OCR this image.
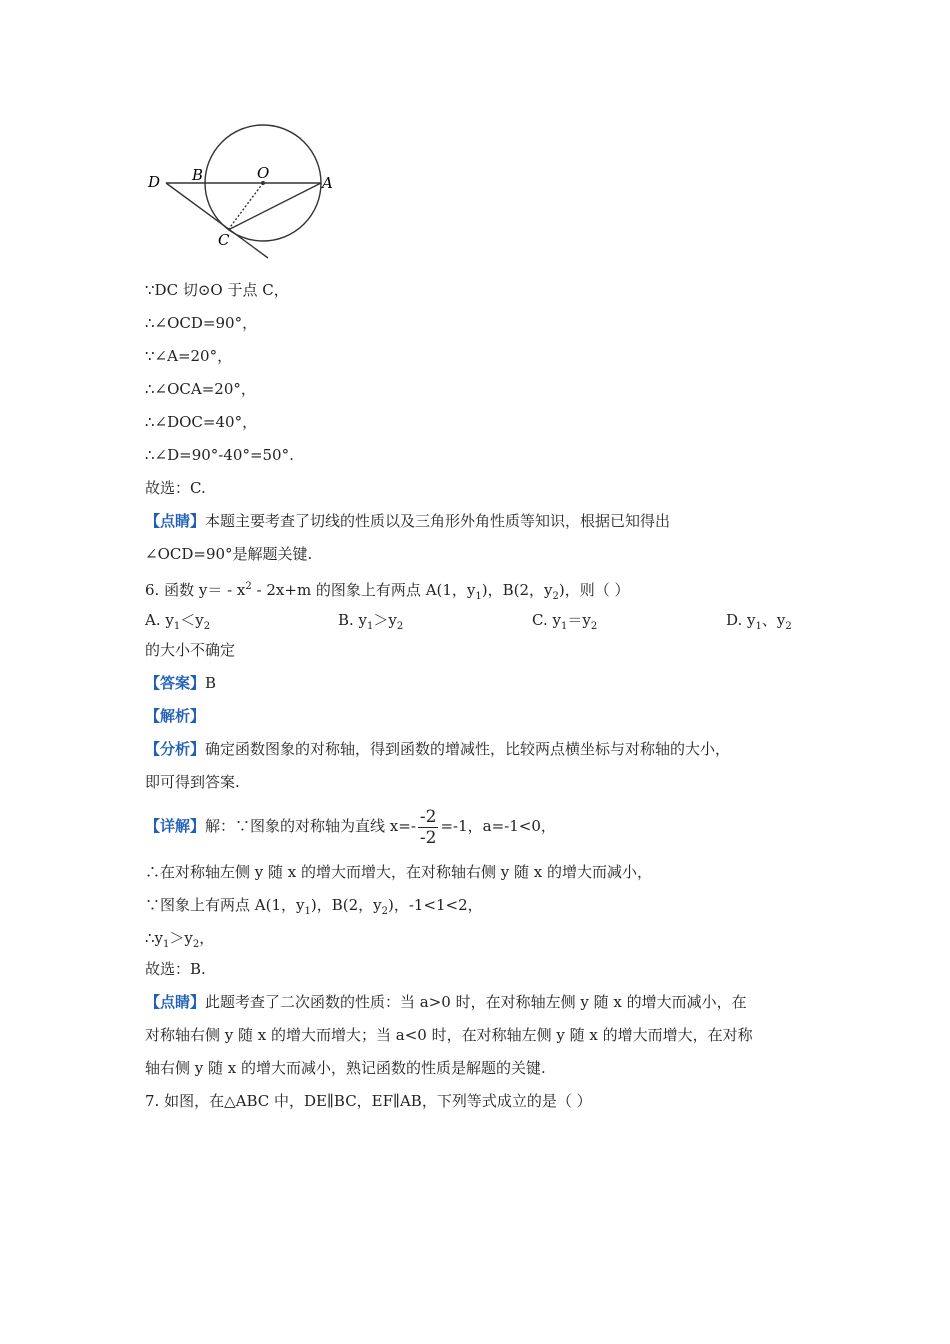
D B	O
A
C
∵DC 切⊙O 于点 C，
∴∠OCD=90°，
∵∠A=20°，
∴∠OCA=20°，
∴∠DOC=40°，
∴∠D=90°-40°=50°.
故选：C.
【点睛】本题主要考查了切线的性质以及三角形外角性质等知识，根据已知得出
∠OCD=90°是解题关键.
6. 函数 $y= - x^2 - 2x+m$ 的图象上有两点 A(1，$y_1$)，B(2，$y_2$)，则（ ）
A. $y_1<y_2$	B. $y_1>y_2$	C. $y_1=y_2$	D. $y_1$、$y_2$
的大小不确定
【答案】B
【解析】
【分析】确定函数图象的对称轴，得到函数的增减性，比较两点横坐标与对称轴的大小，
即可得到答案.
【详解】解：∵图象的对称轴为直线 $x=- \frac{-2}{-2} =-1$，a=-1<0，
∴在对称轴左侧 y 随 x 的增大而增大，在对称轴右侧 y 随 x 的增大而减小，
∵图象上有两点 A(1，$y_1$)，B(2，$y_2$)，-1<1<2，
$\therefore y_1>y_2$，
故选：B.
【点睛】此题考查了二次函数的性质：当 a>0 时，在对称轴左侧 y 随 x 的增大而减小，在
对称轴右侧 y 随 x 的增大而增大；当 a<0 时，在对称轴左侧 y 随 x 的增大而增大，在对称
轴右侧 y 随 x 的增大而减小，熟记函数的性质是解题的关键.
7. 如图，在△ABC 中，DE∥BC，EF∥AB，下列等式成立的是（ ）
